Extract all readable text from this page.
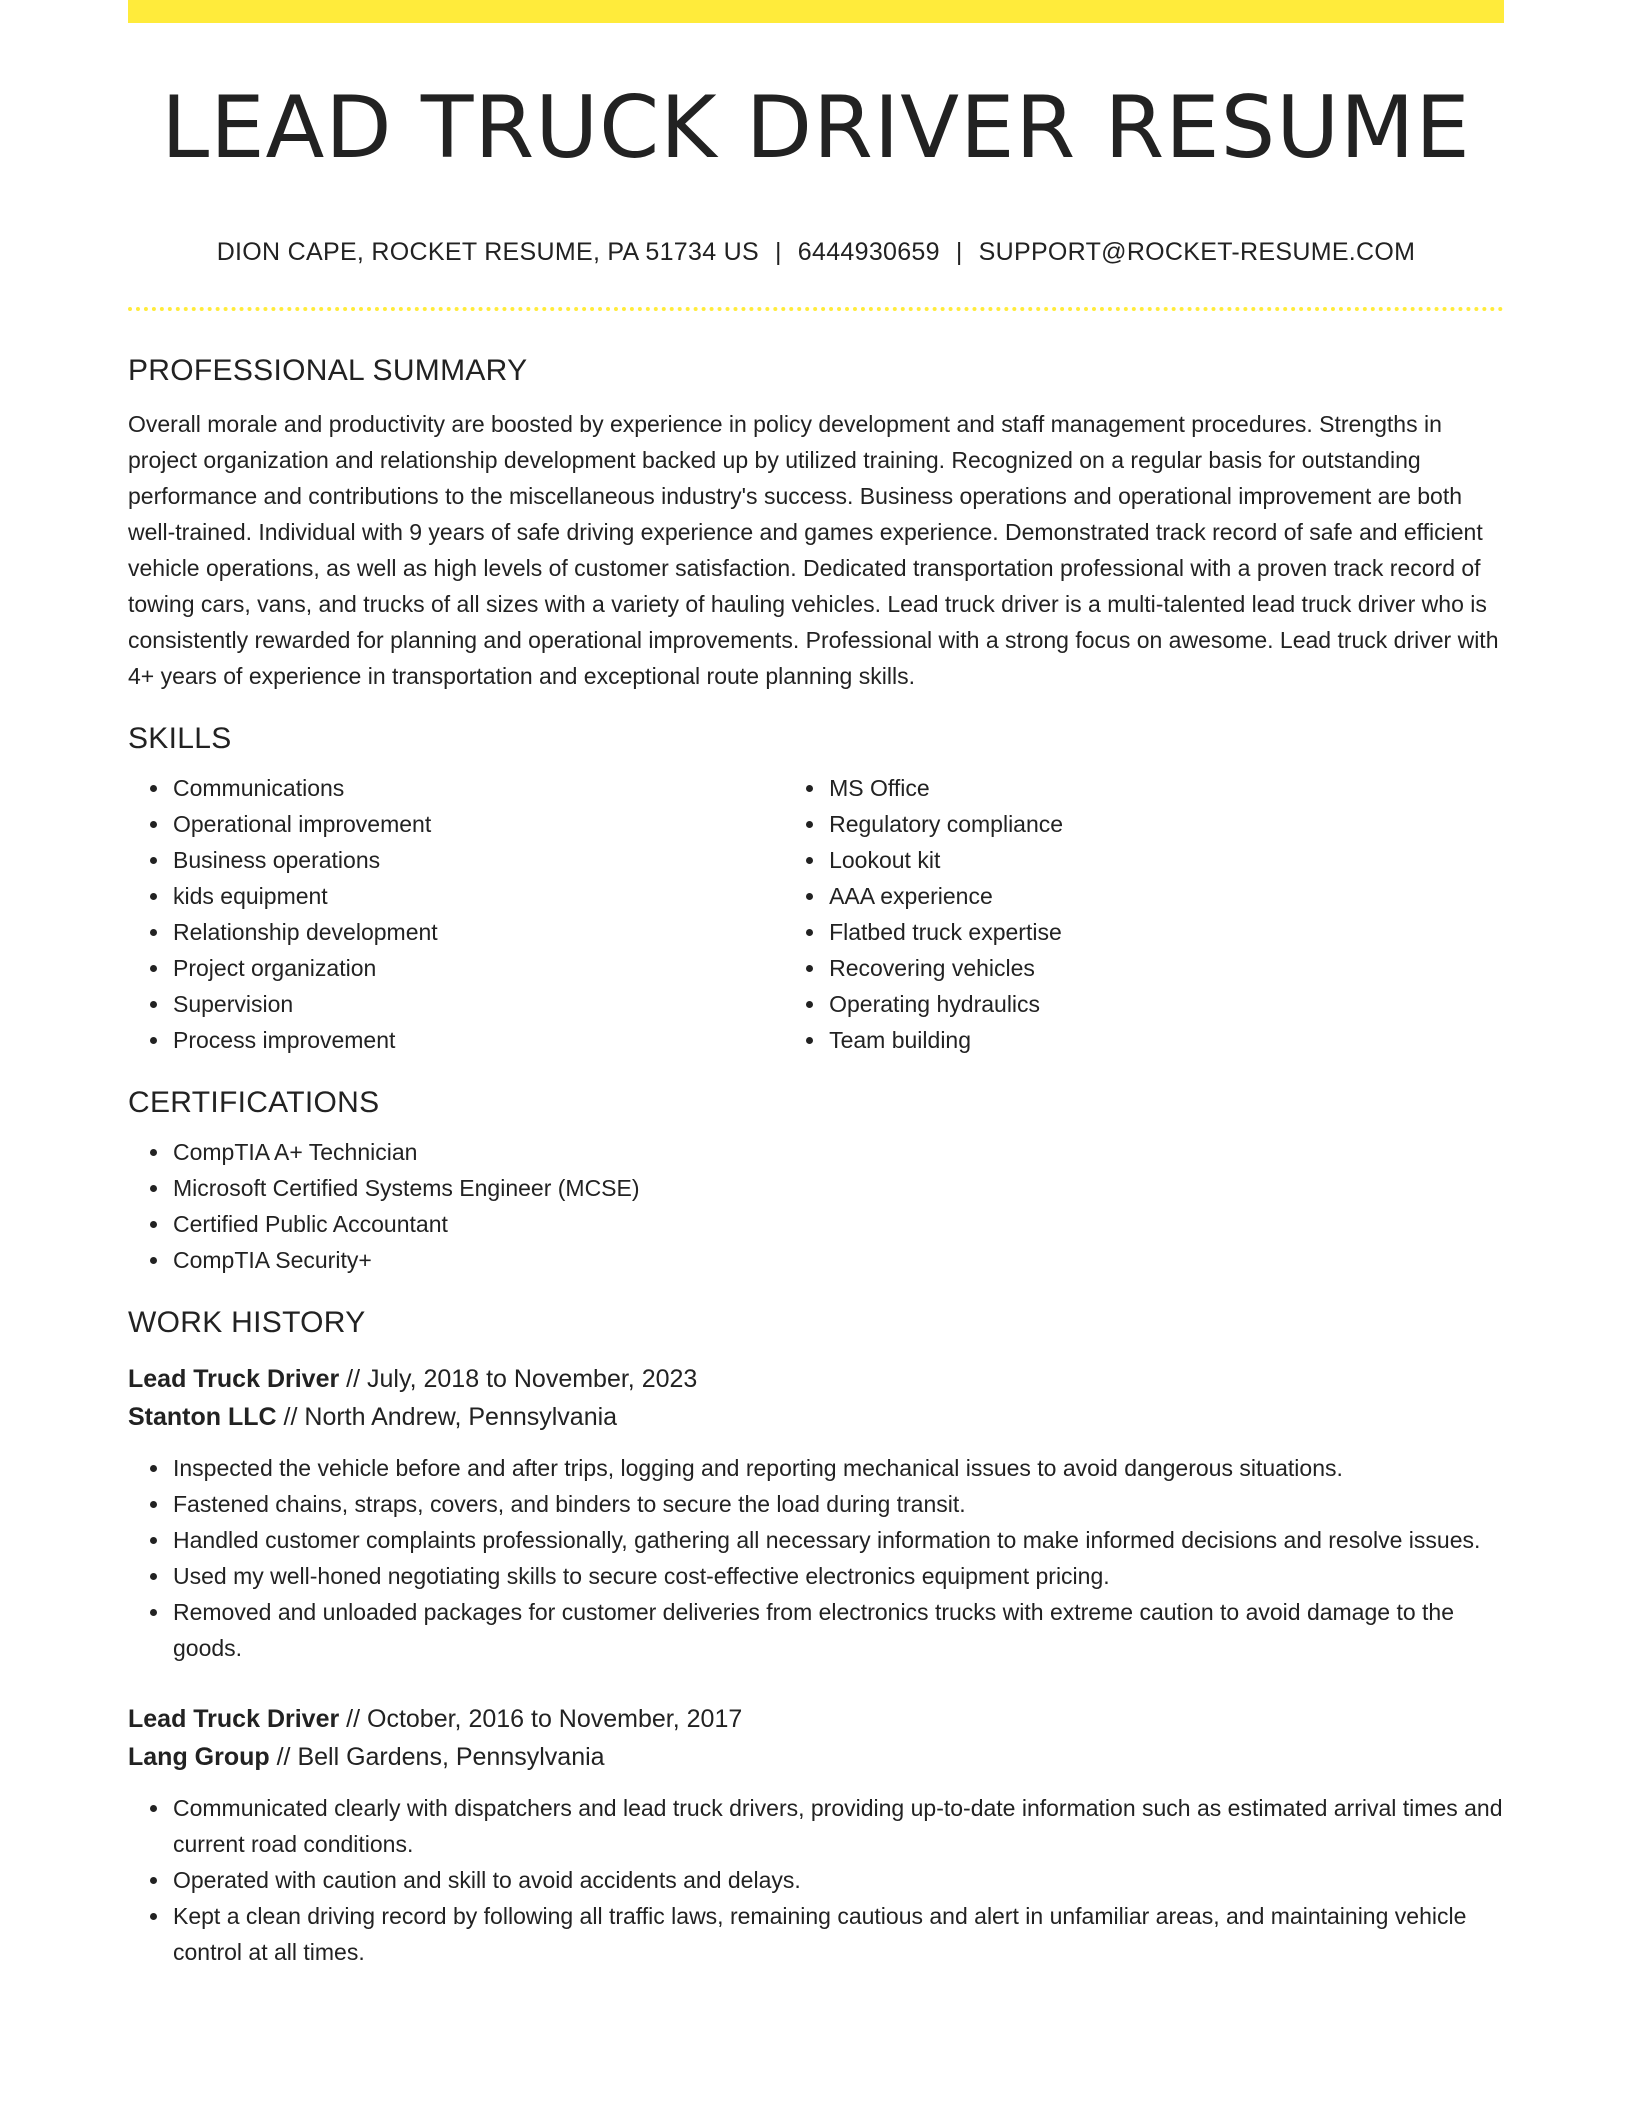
LEAD TRUCK DRIVER RESUME
DION CAPE, ROCKET RESUME, PA 51734 US | 6444930659 | SUPPORT@ROCKET-RESUME.COM
PROFESSIONAL SUMMARY

Overall morale and productivity are boosted by experience in policy development and staff management procedures. Strengths in project organization and relationship development backed up by utilized training. Recognized on a regular basis for outstanding performance and contributions to the miscellaneous industry's success. Business operations and operational improvement are both well-trained. Individual with 9 years of safe driving experience and games experience. Demonstrated track record of safe and efficient vehicle operations, as well as high levels of customer satisfaction. Dedicated transportation professional with a proven track record of towing cars, vans, and trucks of all sizes with a variety of hauling vehicles. Lead truck driver is a multi-talented lead truck driver who is consistently rewarded for planning and operational improvements. Professional with a strong focus on awesome. Lead truck driver with 4+ years of experience in transportation and exceptional route planning skills.

SKILLS
• Communications
• Operational improvement
• Business operations
• kids equipment
• Relationship development
• Project organization
• Supervision
• Process improvement
• MS Office
• Regulatory compliance
• Lookout kit
• AAA experience
• Flatbed truck expertise
• Recovering vehicles
• Operating hydraulics
• Team building
CERTIFICATIONS
• CompTIA A+ Technician
• Microsoft Certified Systems Engineer (MCSE)
• Certified Public Accountant
• CompTIA Security+
WORK HISTORY
Lead Truck Driver // July, 2018 to November, 2023
Stanton LLC // North Andrew, Pennsylvania
• Inspected the vehicle before and after trips, logging and reporting mechanical issues to avoid dangerous situations.
• Fastened chains, straps, covers, and binders to secure the load during transit.
• Handled customer complaints professionally, gathering all necessary information to make informed decisions and resolve issues.
• Used my well-honed negotiating skills to secure cost-effective electronics equipment pricing.
• Removed and unloaded packages for customer deliveries from electronics trucks with extreme caution to avoid damage to the goods.
Lead Truck Driver // October, 2016 to November, 2017
Lang Group // Bell Gardens, Pennsylvania
• Communicated clearly with dispatchers and lead truck drivers, providing up-to-date information such as estimated arrival times and current road conditions.
• Operated with caution and skill to avoid accidents and delays.
• Kept a clean driving record by following all traffic laws, remaining cautious and alert in unfamiliar areas, and maintaining vehicle control at all times.
